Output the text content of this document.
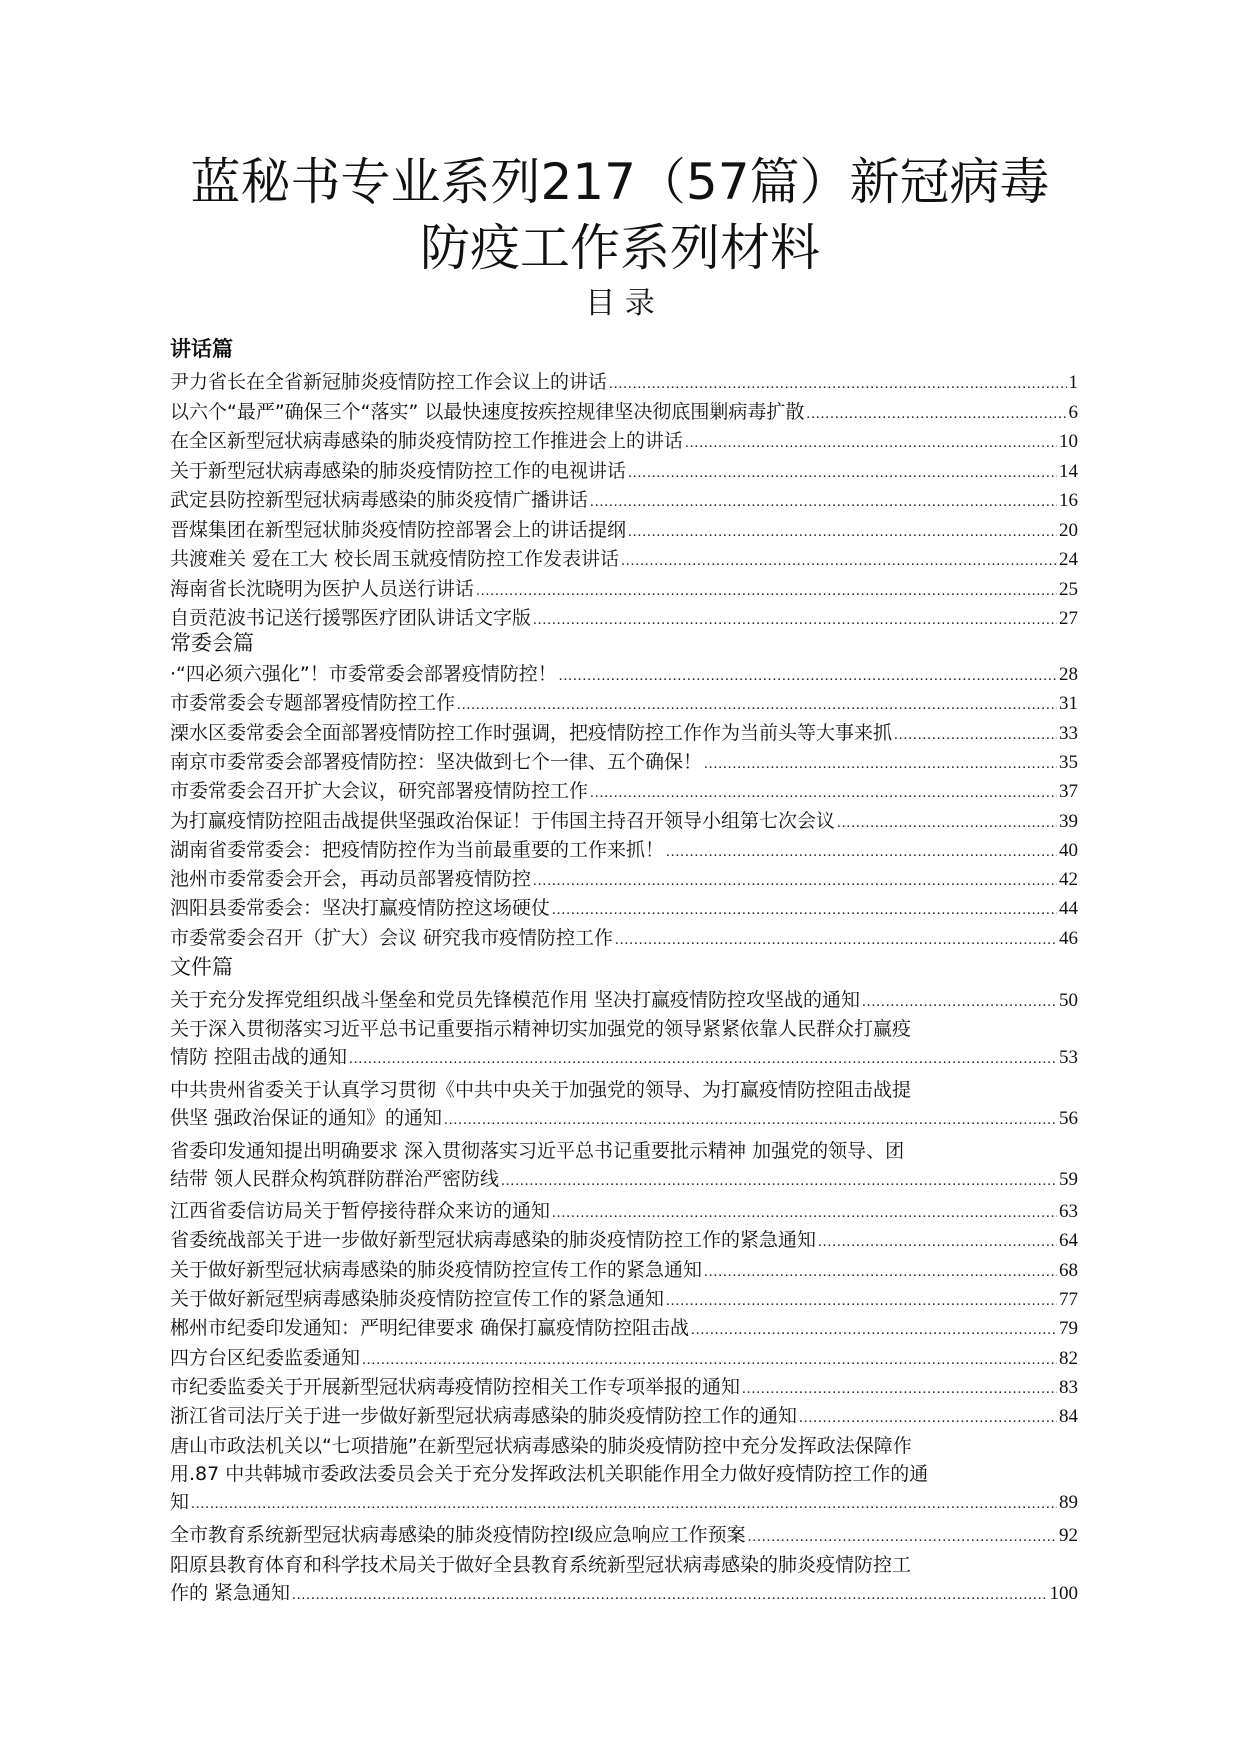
蓝秘书专业系列217（57篇）新冠病毒
防疫工作系列材料
目 录
讲话篇
尹力省长在全省新冠肺炎疫情防控工作会议上的讲话 .....	1
以六个“最严”确保三个“落实” 以最快速度按疾控规律坚决彻底围剿病毒扩散 .....	6
在全区新型冠状病毒感染的肺炎疫情防控工作推进会上的讲话 .....	10
关于新型冠状病毒感染的肺炎疫情防控工作的电视讲话 .....	14
武定县防控新型冠状病毒感染的肺炎疫情广播讲话 .....	16
晋煤集团在新型冠状肺炎疫情防控部署会上的讲话提纲 .....	20
共渡难关 爱在工大 校长周玉就疫情防控工作发表讲话 .....	24
海南省长沈晓明为医护人员送行讲话 .....	25
自贡范波书记送行援鄂医疗团队讲话文字版 .....	27
常委会篇
·“四必须六强化”！市委常委会部署疫情防控！ .....	28
市委常委会专题部署疫情防控工作 .....	31
溧水区委常委会全面部署疫情防控工作时强调，把疫情防控工作作为当前头等大事来抓 .....	33
南京市委常委会部署疫情防控：坚决做到七个一律、五个确保！ .....	35
市委常委会召开扩大会议，研究部署疫情防控工作 .....	37
为打赢疫情防控阻击战提供坚强政治保证！于伟国主持召开领导小组第七次会议 .....	39
湖南省委常委会：把疫情防控作为当前最重要的工作来抓！ .....	40
池州市委常委会开会，再动员部署疫情防控 .....	42
泗阳县委常委会：坚决打赢疫情防控这场硬仗 .....	44
市委常委会召开（扩大）会议 研究我市疫情防控工作 .....	46
文件篇
关于充分发挥党组织战斗堡垒和党员先锋模范作用 坚决打赢疫情防控攻坚战的通知 .....	50
关于深入贯彻落实习近平总书记重要指示精神切实加强党的领导紧紧依靠人民群众打赢疫
情防 控阻击战的通知 .....	53
中共贵州省委关于认真学习贯彻《中共中央关于加强党的领导、为打赢疫情防控阻击战提
供坚 强政治保证的通知》的通知 .....	56
省委印发通知提出明确要求 深入贯彻落实习近平总书记重要批示精神 加强党的领导、团
结带 领人民群众构筑群防群治严密防线 .....	59
江西省委信访局关于暂停接待群众来访的通知 .....	63
省委统战部关于进一步做好新型冠状病毒感染的肺炎疫情防控工作的紧急通知 .....	64
关于做好新型冠状病毒感染的肺炎疫情防控宣传工作的紧急通知 .....	68
关于做好新冠型病毒感染肺炎疫情防控宣传工作的紧急通知 .....	77
郴州市纪委印发通知：严明纪律要求 确保打赢疫情防控阻击战 .....	79
四方台区纪委监委通知 .....	82
市纪委监委关于开展新型冠状病毒疫情防控相关工作专项举报的通知 .....	83
浙江省司法厅关于进一步做好新型冠状病毒感染的肺炎疫情防控工作的通知 .....	84
唐山市政法机关以“七项措施”在新型冠状病毒感染的肺炎疫情防控中充分发挥政法保障作
用.87 中共韩城市委政法委员会关于充分发挥政法机关职能作用全力做好疫情防控工作的通
知 .....	89
全市教育系统新型冠状病毒感染的肺炎疫情防控Ⅰ级应急响应工作预案 .....	92
阳原县教育体育和科学技术局关于做好全县教育系统新型冠状病毒感染的肺炎疫情防控工
作的 紧急通知 .....	100
